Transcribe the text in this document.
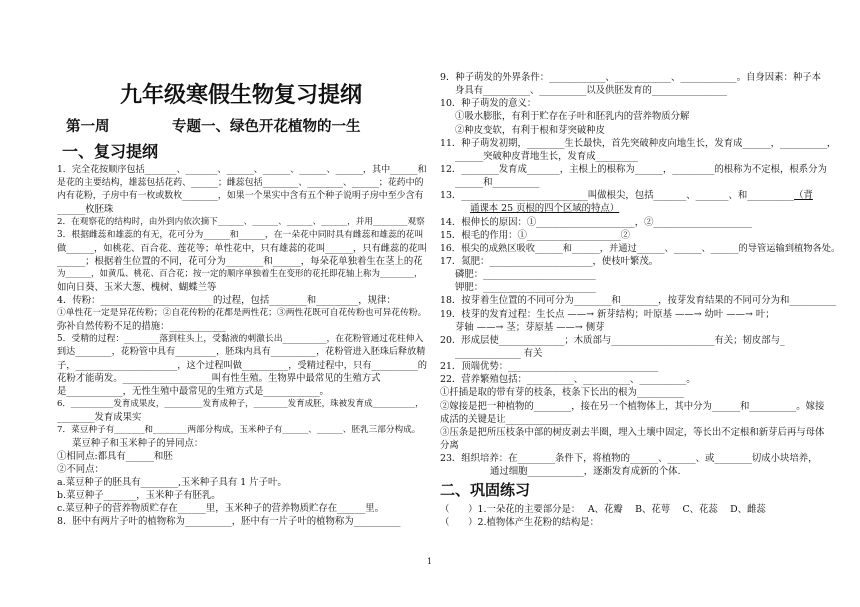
九年级寒假生物复习提纲
第一周	专题一、绿色开花植物的一生
一、复习提纲
1．完全花按顺序包括_______、_______、______、______、______、______，其中______和
是花的主要结构，雄蕊包括花药、______；雌蕊包括________、________、______；花药中的
内有花粉，子房中有一枚或数枚________，如果一个果实中含有五个种子说明子房中至少含有
______枚胚珠
2．在观察花的结构时，由外到内依次摘下______、______、______、______，并用________观察
3．根据雌蕊和雄蕊的有无，花可分为______和______，在一朵花中同时具有雌蕊和雄蕊的花叫
做______，如桃花、百合花、莲花等；单性花中，只有雄蕊的花叫______，只有雌蕊的花叫
______；根据着生位置的不同，花可分为________和______，每朵花单独着生在茎上的花
为______，如黄瓜、桃花、百合花；按一定的顺序单独着生在变形的花托即花轴上称为________，
如向日葵、玉米大葱、槐树、蝴蝶兰等
4．传粉：________________________的过程，包括________和_________，规律：
①单性花一定是异花传粉；②自花传粉的花都是两性花；③两性花既可自花传粉也可异花传粉。
弥补自然传粉不足的措施：____________
5．受精的过程：________落到柱头上，受黏液的刺激长出__________，在花粉管通过花柱伸入
到达________，花粉管中具有_________，胚珠内具有__________，花粉管进入胚珠后释放精
子，______________________，这个过程叫做__________，受精过程中，只有__________的
花粉才能萌发。___________________叫有性生殖。生物界中最常见的生殖方式
是____________，无性生殖中最常见的生殖方式是____________。
6．__________发育成果皮，_________发育成种子，________发育成胚，珠被发育成__________，
________发育成果实
7．菜豆种子有_______和________两部分构成，玉米种子有______、______、胚乳三部分构成。
菜豆种子和玉米种子的异同点：
①相同点:都具有______和胚
②不同点：
a.菜豆种子的胚具有________,玉米种子具有 1 片子叶。
b.菜豆种子_______，玉米种子有胚乳。
c.菜豆种子的营养物质贮存在______里，玉米种子的营养物质贮存在______里。
8．胚中有两片子叶的植物称为__________，胚中有一片子叶的植物称为__________
9．种子萌发的外界条件：____________、____________、____________。自身因素：种子本
身具有__________、__________以及供胚发育的________________
10．种子萌发的意义：
①吸水膨胀，有利于贮存在子叶和胚乳内的营养物质分解
②种皮变软，有利于根和芽突破种皮
11．种子萌发初期，________生长最快，首先突破种皮向地生长，发育成______，__________，
______突破种皮背地生长，发育成_________
12．________发育成_______，主根上的根称为______，_________的根称为不定根，根系分为
______和__________
13．___________________________叫做根尖，包括_______、_______、和__________（背
诵课本 25 页根的四个区域的特点）
14．根伸长的原因：①_____________________，②_____________________
15．根毛的作用：①____________________②
16．根尖的成熟区吸收______和______，并通过______、______、______的导管运输到植物各处。
17．氮肥：______________________，使枝叶繁茂。
磷肥：________________________
钾肥：________________________
18．按芽着生位置的不同可分为________和________，按芽发育结果的不同可分为和__________
19．枝芽的发育过程：生长点 ——→ 新芽结构；叶原基 ——→ 幼叶 ——→ 叶；
芽轴 ——→ 茎；芽原基 ——→ 侧芽
20．形成层使______________；木质部与______________________有关；韧皮部与_
______________ 有关
21．顶端优势：________________________________
22．营养繁殖包括：__________、__________、__________。
①扦插是取的带有芽的枝条，枝条下长出的根为__________
②嫁接是把一种植物的________，接在另一个植物体上，其中分为______和__________。嫁接
成活的关键是让______________
③压条是把所压枝条中部的树皮剥去半圈，埋入土壤中固定，等长出不定根和新芽后再与母体
分离
23．组织培养：在________条件下，将植物的______、______、或________切成小块培养，
通过细胞____________，逐渐发育成新的个体.
二、巩固练习
（　　）1.一朵花的主要部分是：　 A、花瓣　 B、花萼　 C、花蕊　 D、雌蕊
（　　）2.植物体产生花粉的结构是：
1
